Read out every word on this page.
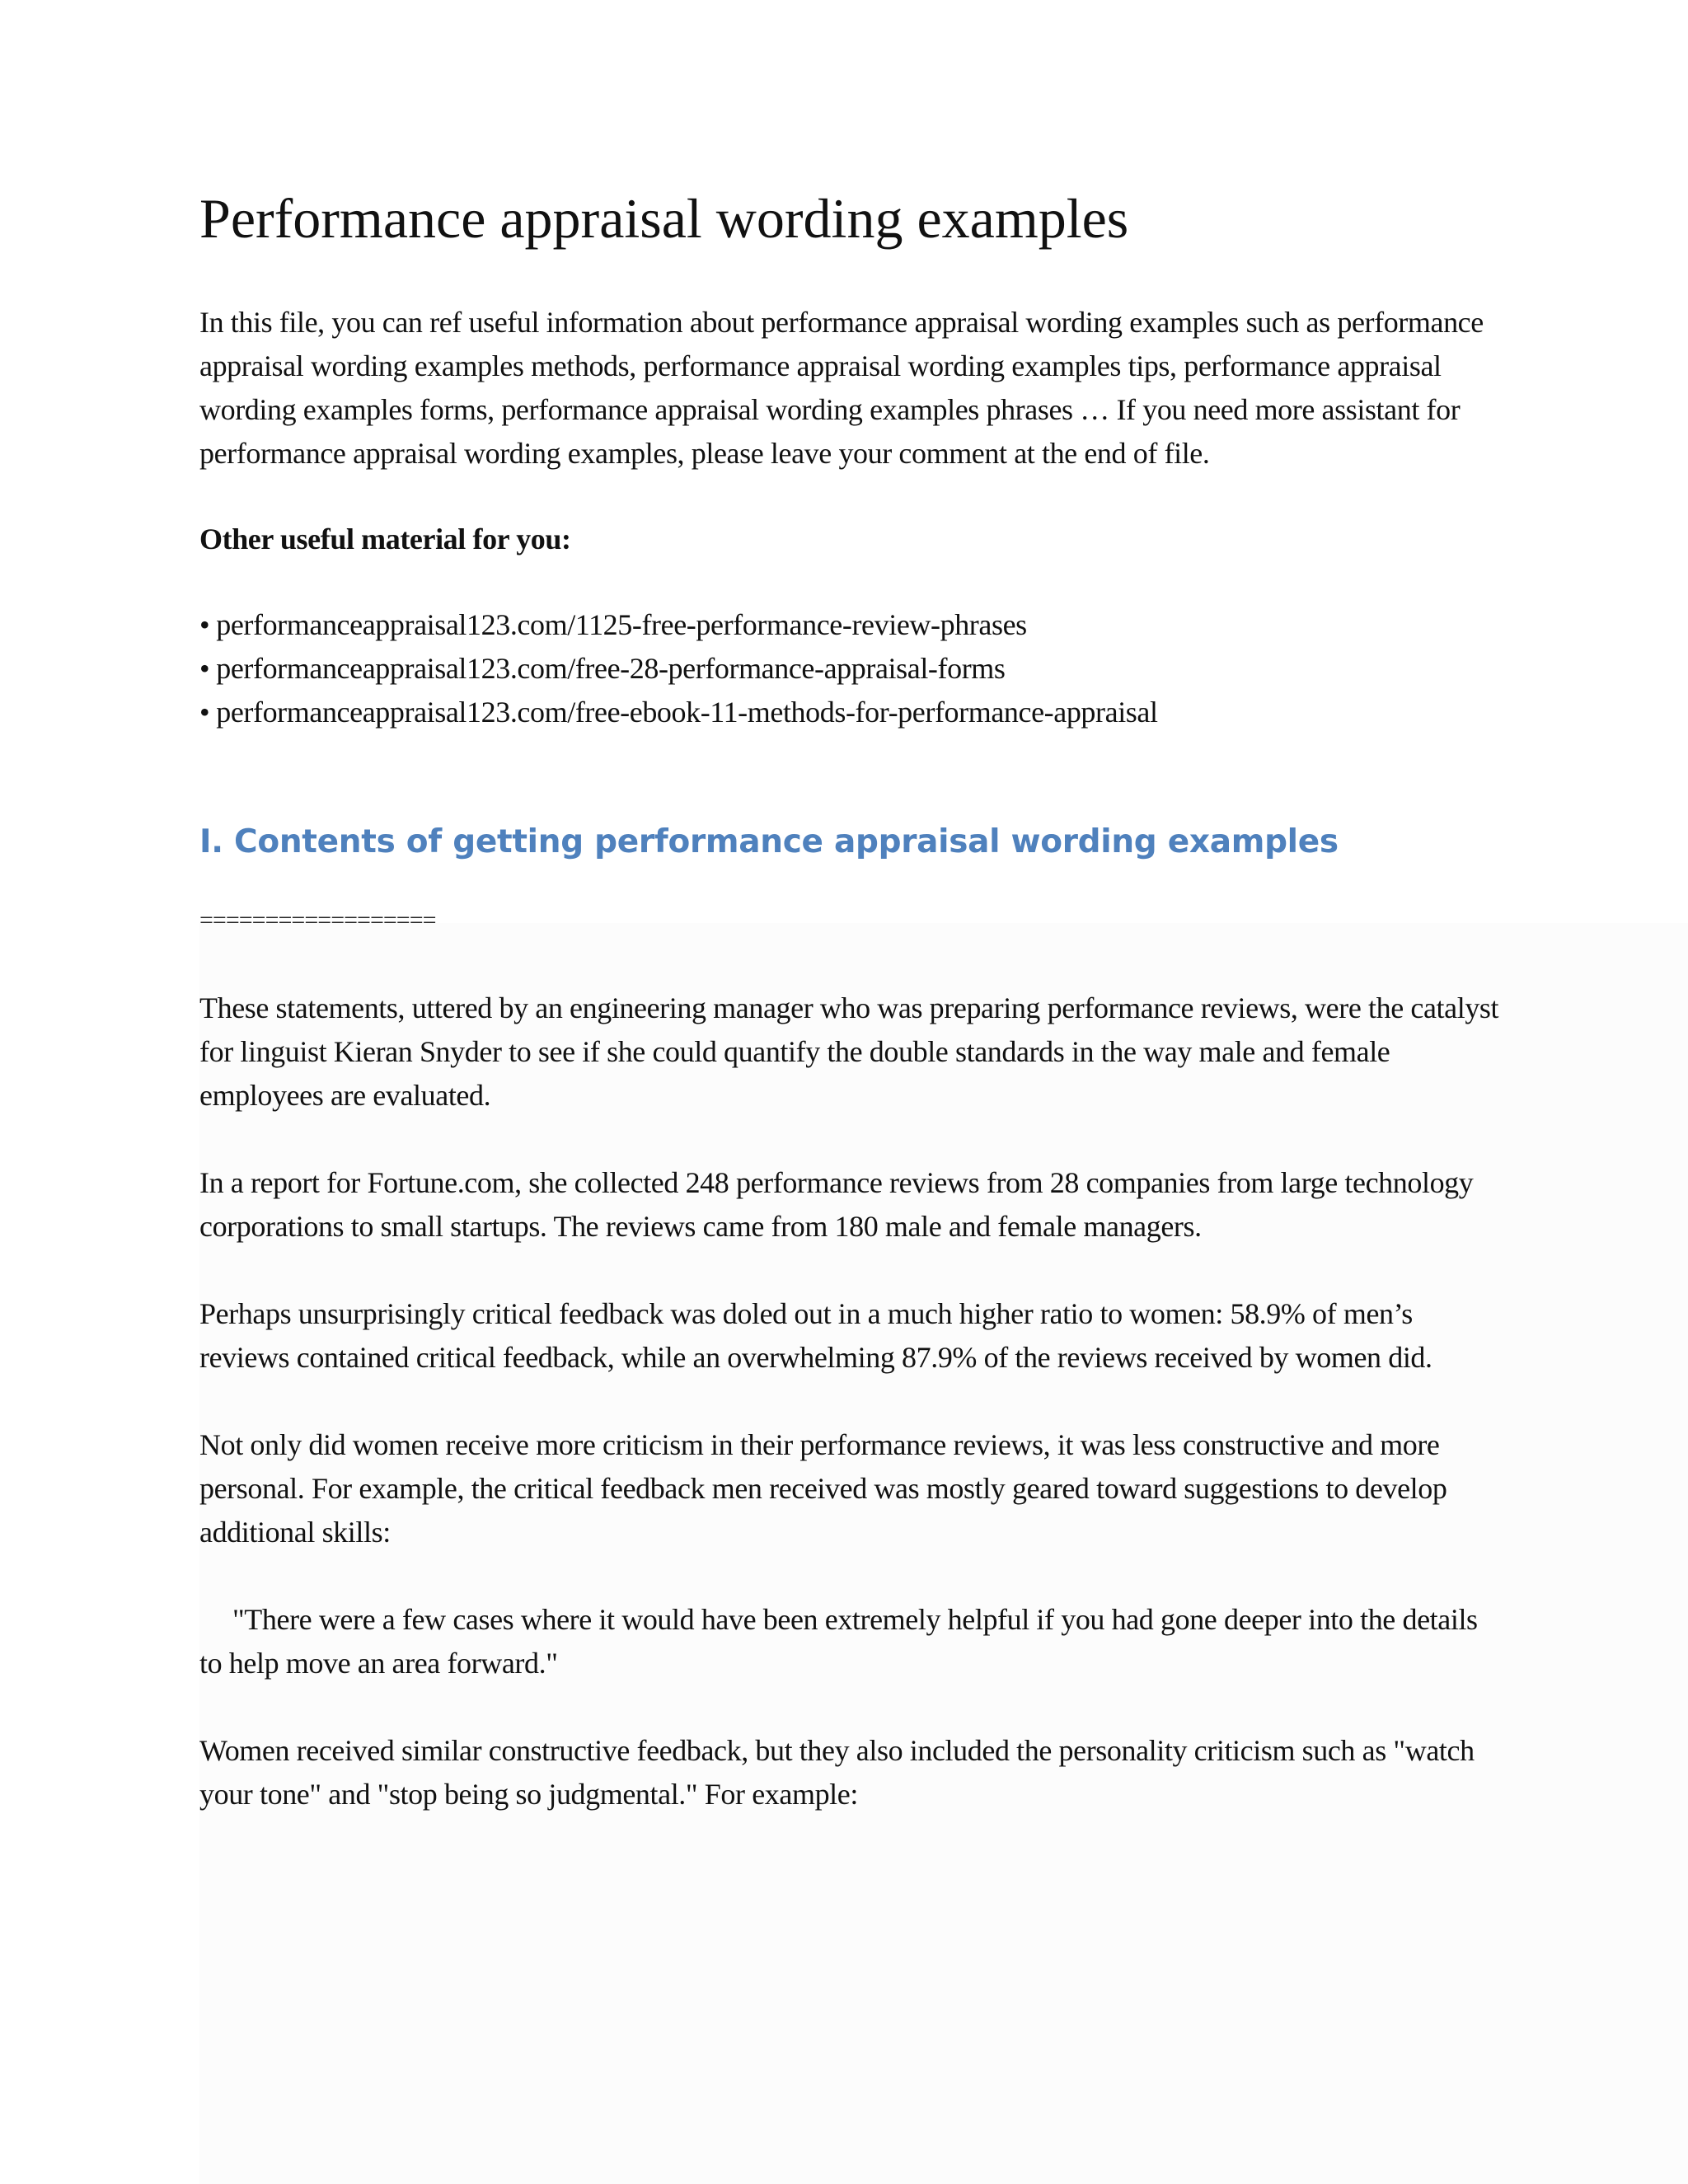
Performance appraisal wording examples

In this file, you can ref useful information about performance appraisal wording examples such as performance appraisal wording examples methods, performance appraisal wording examples tips, performance appraisal wording examples forms, performance appraisal wording examples phrases … If you need more assistant for performance appraisal wording examples, please leave your comment at the end of file.

Other useful material for you:

• performanceappraisal123.com/1125-free-performance-review-phrases
• performanceappraisal123.com/free-28-performance-appraisal-forms
• performanceappraisal123.com/free-ebook-11-methods-for-performance-appraisal
I. Contents of getting performance appraisal wording examples
==================

These statements, uttered by an engineering manager who was preparing performance reviews, were the catalyst for linguist Kieran Snyder to see if she could quantify the double standards in the way male and female employees are evaluated.

In a report for Fortune.com, she collected 248 performance reviews from 28 companies from large technology corporations to small startups. The reviews came from 180 male and female managers.

Perhaps unsurprisingly critical feedback was doled out in a much higher ratio to women: 58.9% of men’s reviews contained critical feedback, while an overwhelming 87.9% of the reviews received by women did.

Not only did women receive more criticism in their performance reviews, it was less constructive and more personal. For example, the critical feedback men received was mostly geared toward suggestions to develop additional skills:

"There were a few cases where it would have been extremely helpful if you had gone deeper into the details to help move an area forward."

Women received similar constructive feedback, but they also included the personality criticism such as "watch your tone" and "stop being so judgmental." For example:
